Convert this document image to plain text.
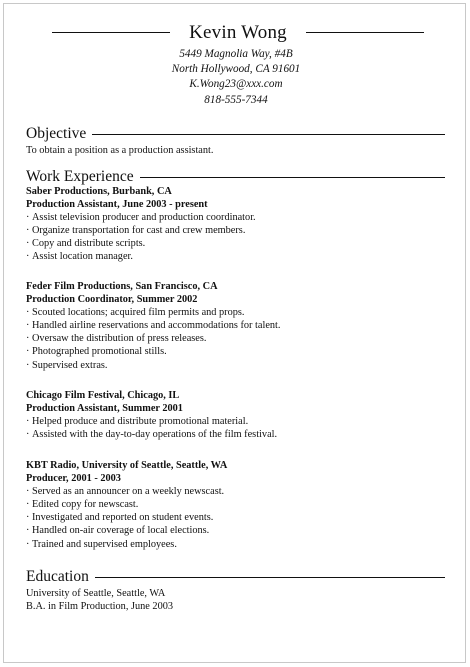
Kevin Wong
5449 Magnolia Way, #4B
North Hollywood, CA 91601
K.Wong23@xxx.com
818-555-7344
Objective
To obtain a position as a production assistant.
Work Experience
Saber Productions, Burbank, CA
Production Assistant, June 2003 - present
· Assist television producer and production coordinator.
· Organize transportation for cast and crew members.
· Copy and distribute scripts.
· Assist location manager.
Feder Film Productions, San Francisco, CA
Production Coordinator, Summer 2002
· Scouted locations; acquired film permits and props.
· Handled airline reservations and accommodations for talent.
· Oversaw the distribution of press releases.
· Photographed promotional stills.
· Supervised extras.
Chicago Film Festival, Chicago, IL
Production Assistant, Summer 2001
· Helped produce and distribute promotional material.
· Assisted with the day-to-day operations of the film festival.
KBT Radio, University of Seattle, Seattle, WA
Producer, 2001 - 2003
· Served as an announcer on a weekly newscast.
· Edited copy for newscast.
· Investigated and reported on student events.
· Handled on-air coverage of local elections.
· Trained and supervised employees.
Education
University of Seattle, Seattle, WA
B.A. in Film Production, June 2003
